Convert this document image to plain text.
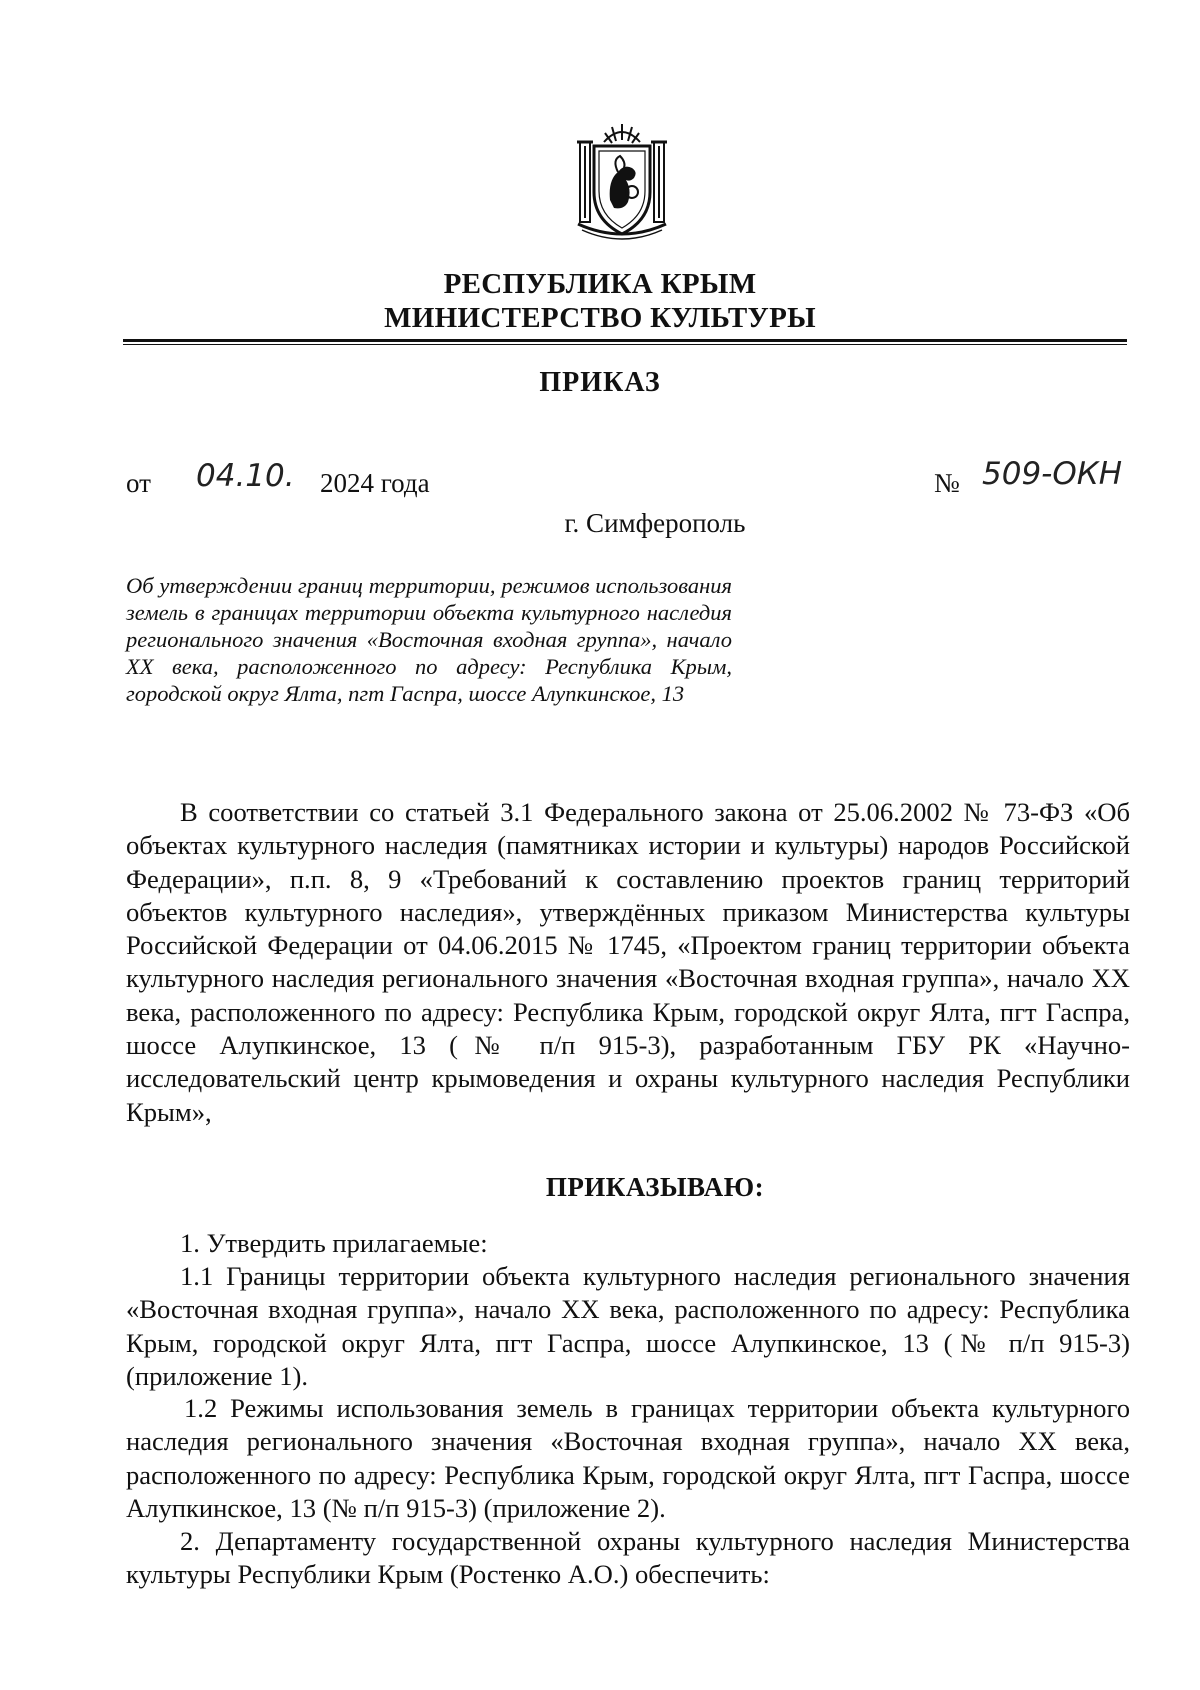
РЕСПУБЛИКА КРЫМ
МИНИСТЕРСТВО КУЛЬТУРЫ
ПРИКАЗ
от 04.10. 2024 года	№ 509-ОКН
г. Симферополь
Об утверждении границ территории, режимов использования земель в границах территории объекта культурного наследия регионального значения «Восточная входная группа», начало XX века, расположенного по адресу: Республика Крым, городской округ Ялта, пгт Гаспра, шоссе Алупкинское, 13
В соответствии со статьей 3.1 Федерального закона от 25.06.2002 № 73-ФЗ «Об объектах культурного наследия (памятниках истории и культуры) народов Российской Федерации», п.п. 8, 9 «Требований к составлению проектов границ территорий объектов культурного наследия», утверждённых приказом Министерства культуры Российской Федерации от 04.06.2015 № 1745, «Проектом границ территории объекта культурного наследия регионального значения «Восточная входная группа», начало XX века, расположенного по адресу: Республика Крым, городской округ Ялта, пгт Гаспра, шоссе Алупкинское, 13 (№ п/п 915-3), разработанным ГБУ РК «Научно-исследовательский центр крымоведения и охраны культурного наследия Республики Крым»,
ПРИКАЗЫВАЮ:
1. Утвердить прилагаемые:
1.1 Границы территории объекта культурного наследия регионального значения «Восточная входная группа», начало XX века, расположенного по адресу: Республика Крым, городской округ Ялта, пгт Гаспра, шоссе Алупкинское, 13 (№ п/п 915-3) (приложение 1).
1.2 Режимы использования земель в границах территории объекта культурного наследия регионального значения «Восточная входная группа», начало XX века, расположенного по адресу: Республика Крым, городской округ Ялта, пгт Гаспра, шоссе Алупкинское, 13 (№ п/п 915-3) (приложение 2).
2. Департаменту государственной охраны культурного наследия Министерства культуры Республики Крым (Ростенко А.О.) обеспечить:
